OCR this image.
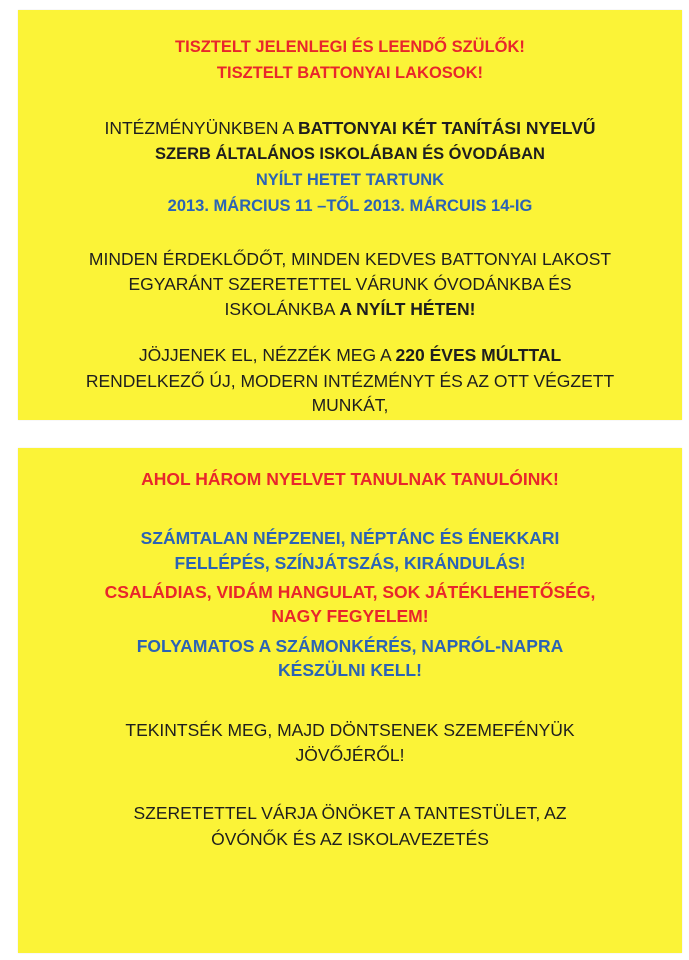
TISZTELT JELENLEGI ÉS LEENDŐ SZÜLŐK!
TISZTELT BATTONYAI LAKOSOK!
INTÉZMÉNYÜNKBEN A BATTONYAI KÉT TANÍTÁSI NYELVŰ
SZERB ÁLTALÁNOS ISKOLÁBAN ÉS ÓVODÁBAN
NYÍLT HETET TARTUNK
2013. MÁRCIUS 11 –TŐL 2013. MÁRCUIS 14-IG
MINDEN ÉRDEKLŐDŐT, MINDEN KEDVES BATTONYAI LAKOST
EGYARÁNT SZERETETTEL VÁRUNK ÓVODÁNKBA ÉS
ISKOLÁNKBA A NYÍLT HÉTEN!
JÖJJENEK EL, NÉZZÉK MEG A 220 ÉVES MÚLTTAL
RENDELKEZŐ ÚJ, MODERN INTÉZMÉNYT ÉS AZ OTT VÉGZETT
MUNKÁT,
AHOL HÁROM NYELVET TANULNAK TANULÓINK!
SZÁMTALAN NÉPZENEI, NÉPTÁNC ÉS ÉNEKKARI
FELLÉPÉS, SZÍNJÁTSZÁS, KIRÁNDULÁS!
CSALÁDIAS, VIDÁM HANGULAT, SOK JÁTÉKLEHETŐSÉG,
NAGY FEGYELEM!
FOLYAMATOS A SZÁMONKÉRÉS, NAPRÓL-NAPRA
KÉSZÜLNI KELL!
TEKINTSÉK MEG, MAJD DÖNTSENEK SZEMEFÉNYÜK
JÖVŐJÉRŐL!
SZERETETTEL VÁRJA ÖNÖKET A TANTESTÜLET, AZ
ÓVÓNŐK ÉS AZ ISKOLAVEZETÉS
